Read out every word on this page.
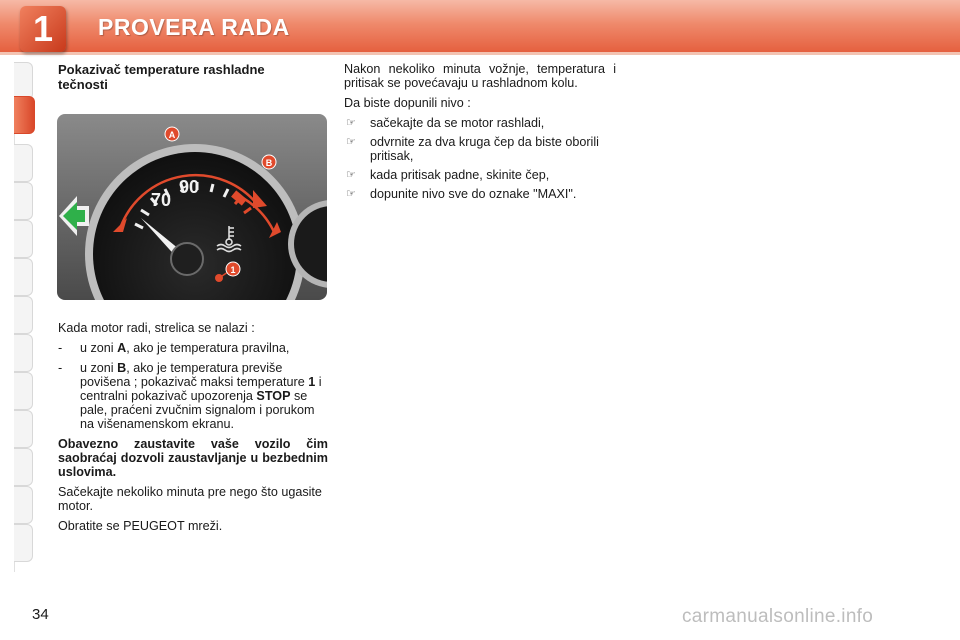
1	PROVERA RADA
Pokazivač temperature rashladne tečnosti
70
90
A
B
1

Kada motor radi, strelica se nalazi :

- u zoni A, ako je temperatura pravilna,
- u zoni B, ako je temperatura previše povišena ; pokazivač maksi temperature 1 i centralni pokazivač upozorenja STOP se pale, praćeni zvučnim signalom i porukom na višenamenskom ekranu.

Obavezno zaustavite vaše vozilo čim saobraćaj dozvoli zaustavljanje u bezbednim uslovima.

Sačekajte nekoliko minuta pre nego što ugasite motor.

Obratite se PEUGEOT mreži.

Nakon nekoliko minuta vožnje, temperatura i pritisak se povećavaju u rashladnom kolu.

Da biste dopunili nivo :

☞ sačekajte da se motor rashladi,
☞ odvrnite za dva kruga čep da biste oborili pritisak,
☞ kada pritisak padne, skinite čep,
☞ dopunite nivo sve do oznake "MAXI".
34	carmanualsonline.info
